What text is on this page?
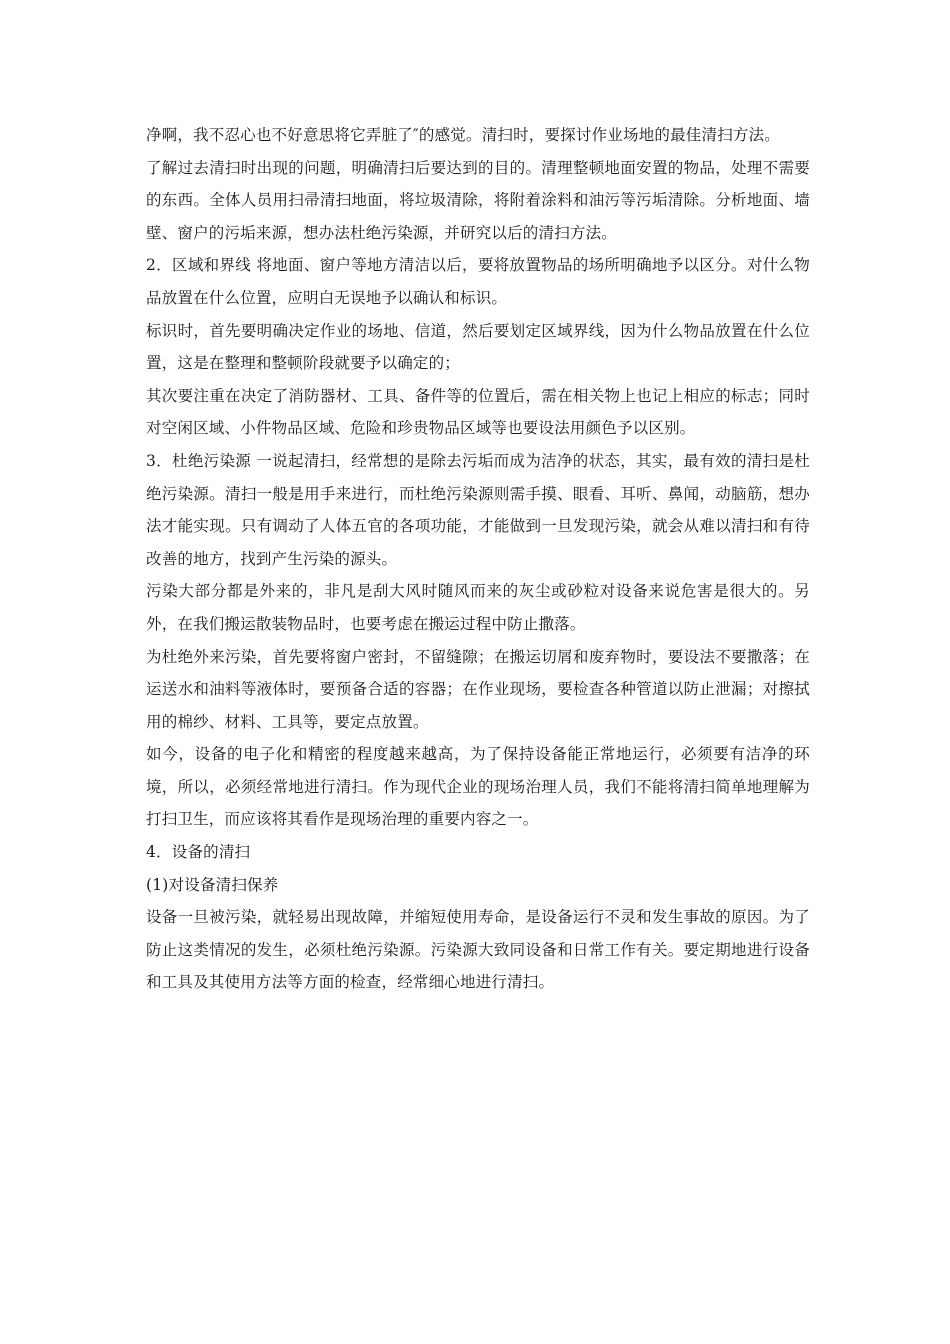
净啊，我不忍心也不好意思将它弄脏了″的感觉。清扫时，要探讨作业场地的最佳清扫方法。

了解过去清扫时出现的问题，明确清扫后要达到的目的。清理整顿地面安置的物品，处理不需要的东西。全体人员用扫帚清扫地面，将垃圾清除，将附着涂料和油污等污垢清除。分析地面、墙壁、窗户的污垢来源，想办法杜绝污染源，并研究以后的清扫方法。

2．区域和界线 将地面、窗户等地方清洁以后，要将放置物品的场所明确地予以区分。对什么物品放置在什么位置，应明白无误地予以确认和标识。

标识时，首先要明确决定作业的场地、信道，然后要划定区域界线，因为什么物品放置在什么位置，这是在整理和整顿阶段就要予以确定的；

其次要注重在决定了消防器材、工具、备件等的位置后，需在相关物上也记上相应的标志；同时对空闲区域、小件物品区域、危险和珍贵物品区域等也要设法用颜色予以区别。

3．杜绝污染源 一说起清扫，经常想的是除去污垢而成为洁净的状态，其实，最有效的清扫是杜绝污染源。清扫一般是用手来进行，而杜绝污染源则需手摸、眼看、耳听、鼻闻，动脑筋，想办法才能实现。只有调动了人体五官的各项功能，才能做到一旦发现污染，就会从难以清扫和有待改善的地方，找到产生污染的源头。

污染大部分都是外来的，非凡是刮大风时随风而来的灰尘或砂粒对设备来说危害是很大的。另外，在我们搬运散装物品时，也要考虑在搬运过程中防止撒落。

为杜绝外来污染，首先要将窗户密封，不留缝隙；在搬运切屑和废弃物时，要设法不要撒落；在运送水和油料等液体时，要预备合适的容器；在作业现场，要检查各种管道以防止泄漏；对擦拭用的棉纱、材料、工具等，要定点放置。

如今，设备的电子化和精密的程度越来越高，为了保持设备能正常地运行，必须要有洁净的环境，所以，必须经常地进行清扫。作为现代企业的现场治理人员，我们不能将清扫简单地理解为打扫卫生，而应该将其看作是现场治理的重要内容之一。

4．设备的清扫

(1)对设备清扫保养

设备一旦被污染，就轻易出现故障，并缩短使用寿命，是设备运行不灵和发生事故的原因。为了防止这类情况的发生，必须杜绝污染源。污染源大致同设备和日常工作有关。要定期地进行设备和工具及其使用方法等方面的检查，经常细心地进行清扫。
